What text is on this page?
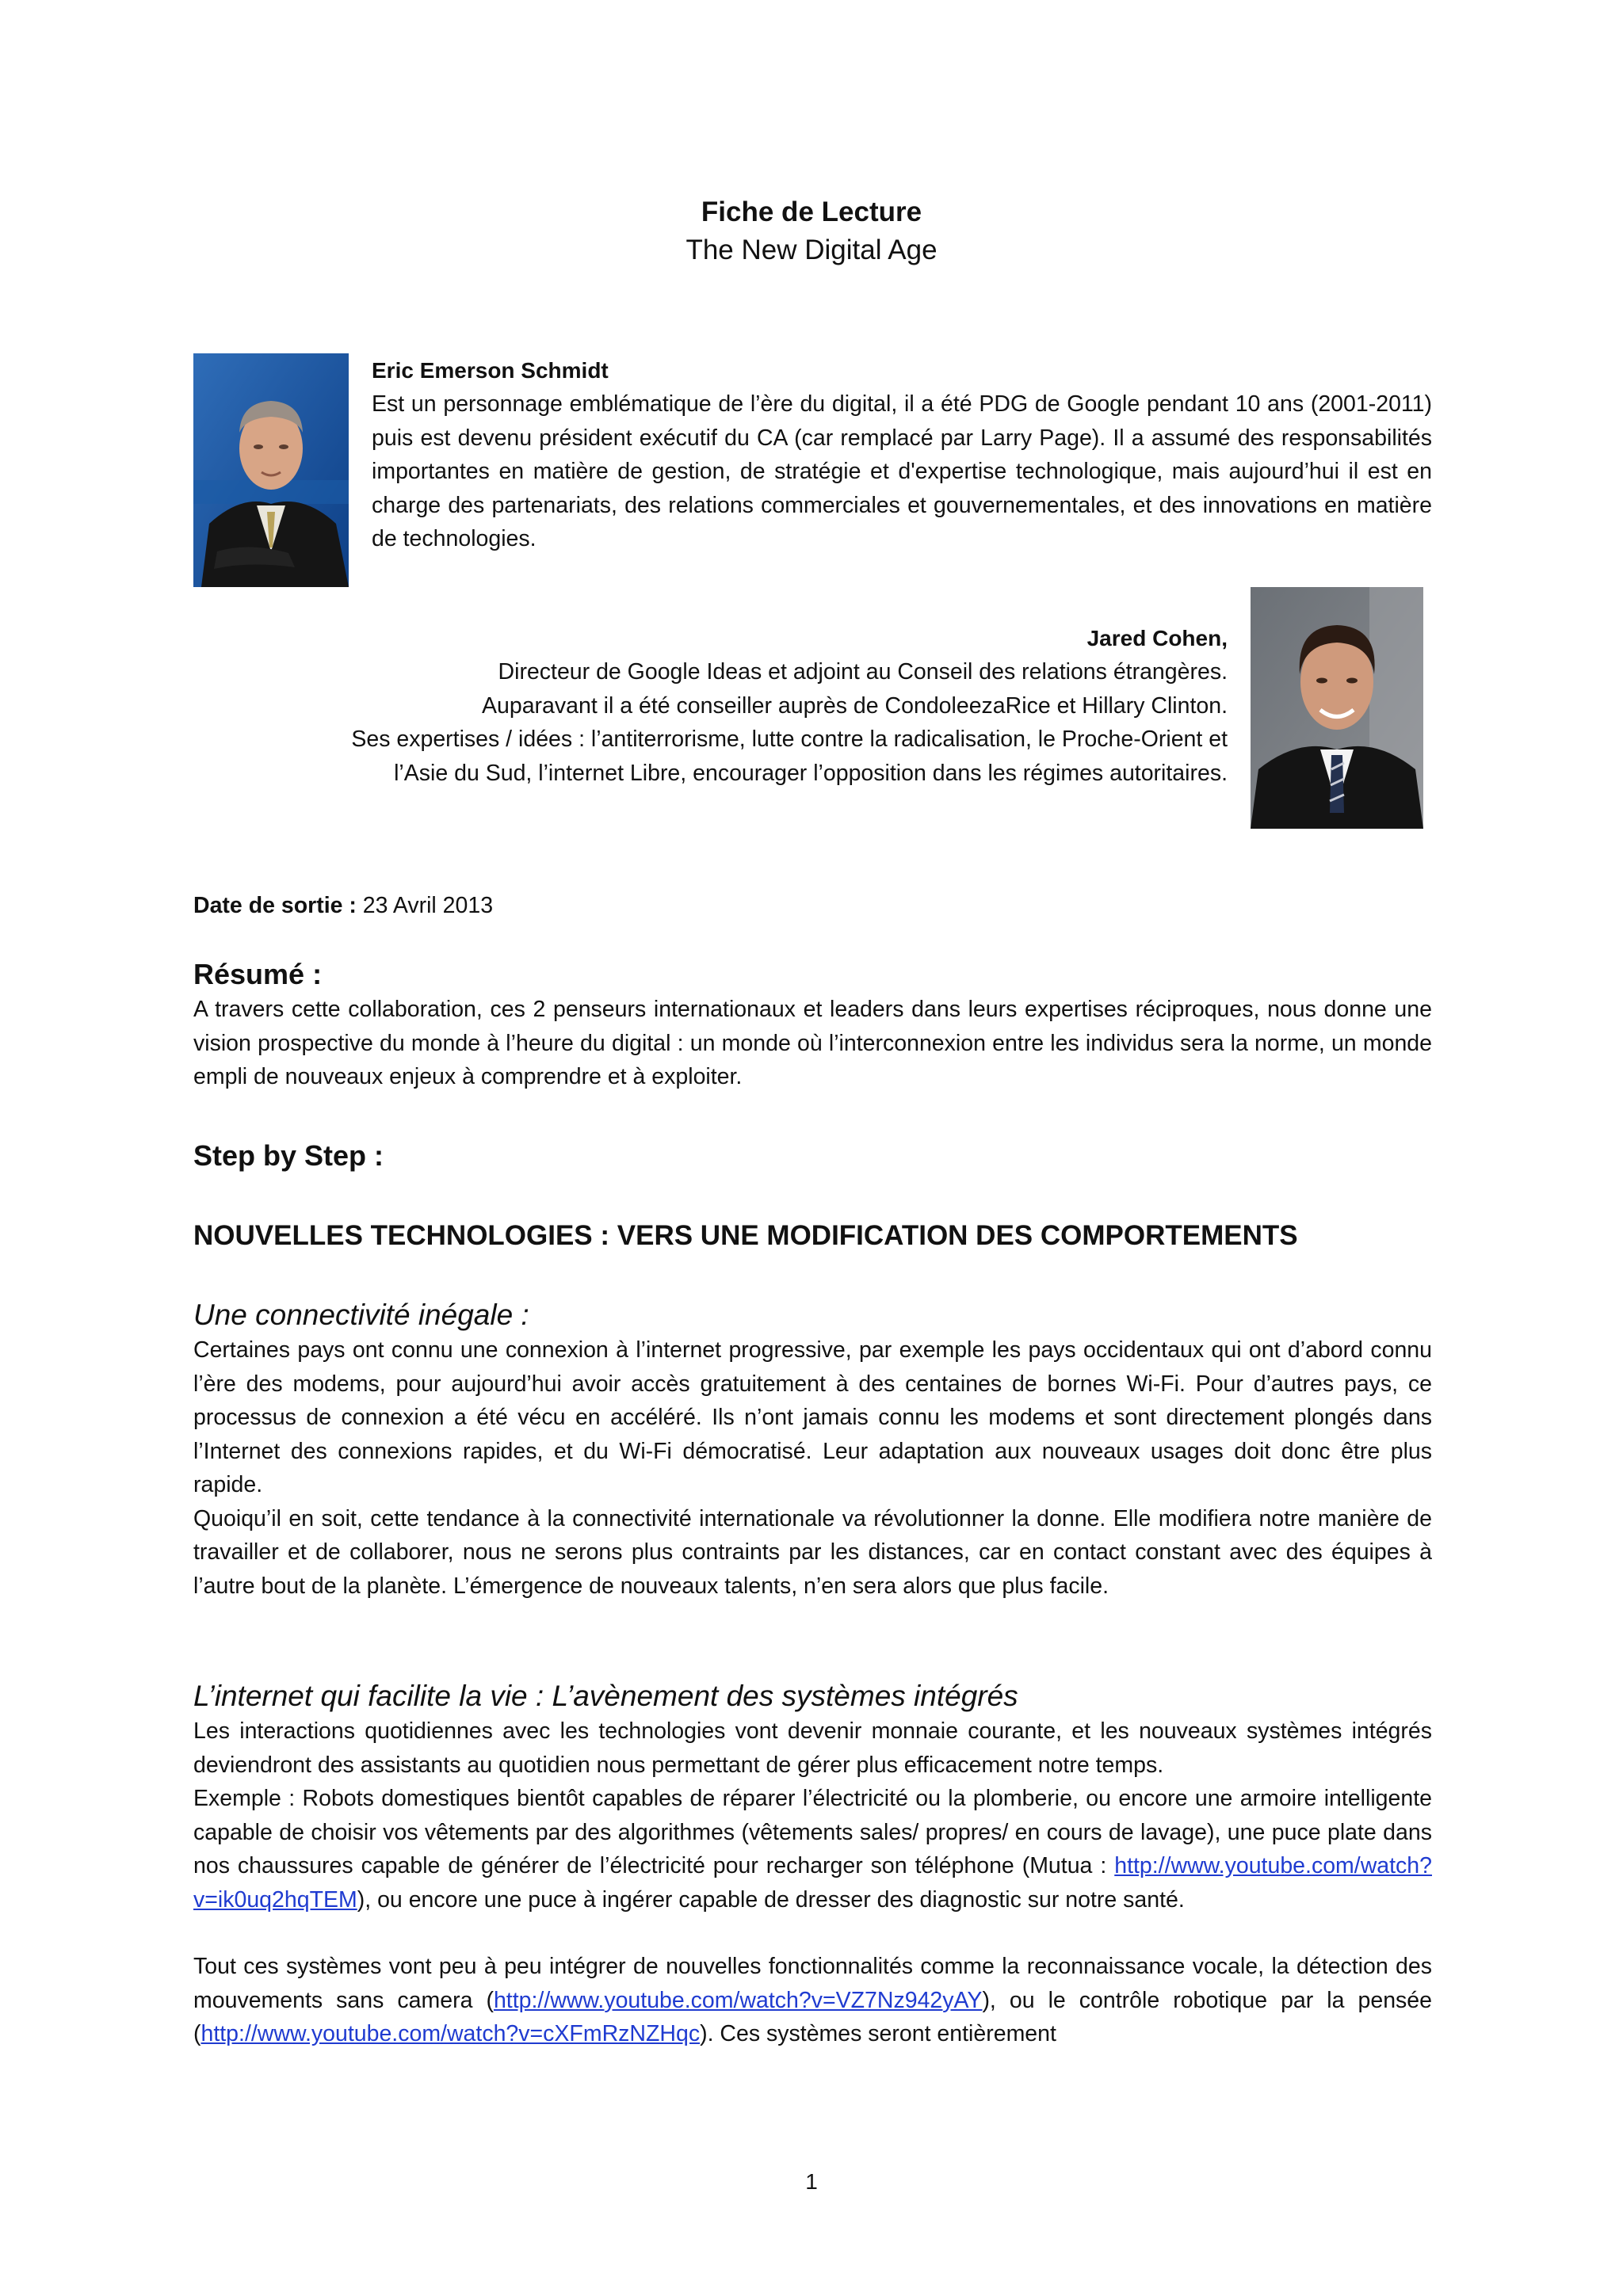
Fiche de Lecture
The New Digital Age
Eric Emerson Schmidt

Est un personnage emblématique de l’ère du digital, il a été PDG de Google pendant 10 ans (2001-2011) puis est devenu président exécutif du CA (car remplacé par Larry Page). Il a assumé des responsabilités importantes en matière de gestion, de stratégie et d'expertise technologique, mais aujourd’hui il est en charge des partenariats, des relations commerciales et gouvernementales, et des innovations en matière de technologies.

Jared Cohen,
Directeur de Google Ideas et adjoint au Conseil des relations étrangères.
Auparavant il a été conseiller auprès de CondoleezaRice et Hillary Clinton.
Ses expertises / idées : l’antiterrorisme, lutte contre la radicalisation, le Proche-Orient et
l’Asie du Sud, l’internet Libre, encourager l’opposition dans les régimes autoritaires.
Date de sortie : 23 Avril 2013
Résumé :

A travers cette collaboration, ces 2 penseurs internationaux et leaders dans leurs expertises réciproques, nous donne une vision prospective du monde à l’heure du digital : un monde où l’interconnexion entre les individus sera la norme, un monde empli de nouveaux enjeux à comprendre et à exploiter.

Step by Step :
NOUVELLES TECHNOLOGIES : VERS UNE MODIFICATION DES COMPORTEMENTS
Une connectivité inégale :

Certaines pays ont connu une connexion à l’internet progressive, par exemple les pays occidentaux qui ont d’abord connu l’ère des modems, pour aujourd’hui avoir accès gratuitement à des centaines de bornes Wi-Fi. Pour d’autres pays, ce processus de connexion a été vécu en accéléré. Ils n’ont jamais connu les modems et sont directement plongés dans l’Internet des connexions rapides, et du Wi-Fi démocratisé. Leur adaptation aux nouveaux usages doit donc être plus rapide.

Quoiqu’il en soit, cette tendance à la connectivité internationale va révolutionner la donne. Elle modifiera notre manière de travailler et de collaborer, nous ne serons plus contraints par les distances, car en contact constant avec des équipes à l’autre bout de la planète. L’émergence de nouveaux talents, n’en sera alors que plus facile.

L’internet qui facilite la vie : L’avènement des systèmes intégrés

Les interactions quotidiennes avec les technologies vont devenir monnaie courante, et les nouveaux systèmes intégrés deviendront des assistants au quotidien nous permettant de gérer plus efficacement notre temps.

Exemple : Robots domestiques bientôt capables de réparer l’électricité ou la plomberie, ou encore une armoire intelligente capable de choisir vos vêtements par des algorithmes (vêtements sales/ propres/ en cours de lavage), une puce plate dans nos chaussures capable de générer de l’électricité pour recharger son téléphone (Mutua : http://www.youtube.com/watch?v=ik0uq2hqTEM), ou encore une puce à ingérer capable de dresser des diagnostic sur notre santé.

Tout ces systèmes vont peu à peu intégrer de nouvelles fonctionnalités comme la reconnaissance vocale, la détection des mouvements sans camera (http://www.youtube.com/watch?v=VZ7Nz942yAY), ou le contrôle robotique par la pensée (http://www.youtube.com/watch?v=cXFmRzNZHqc). Ces systèmes seront entièrement

1
